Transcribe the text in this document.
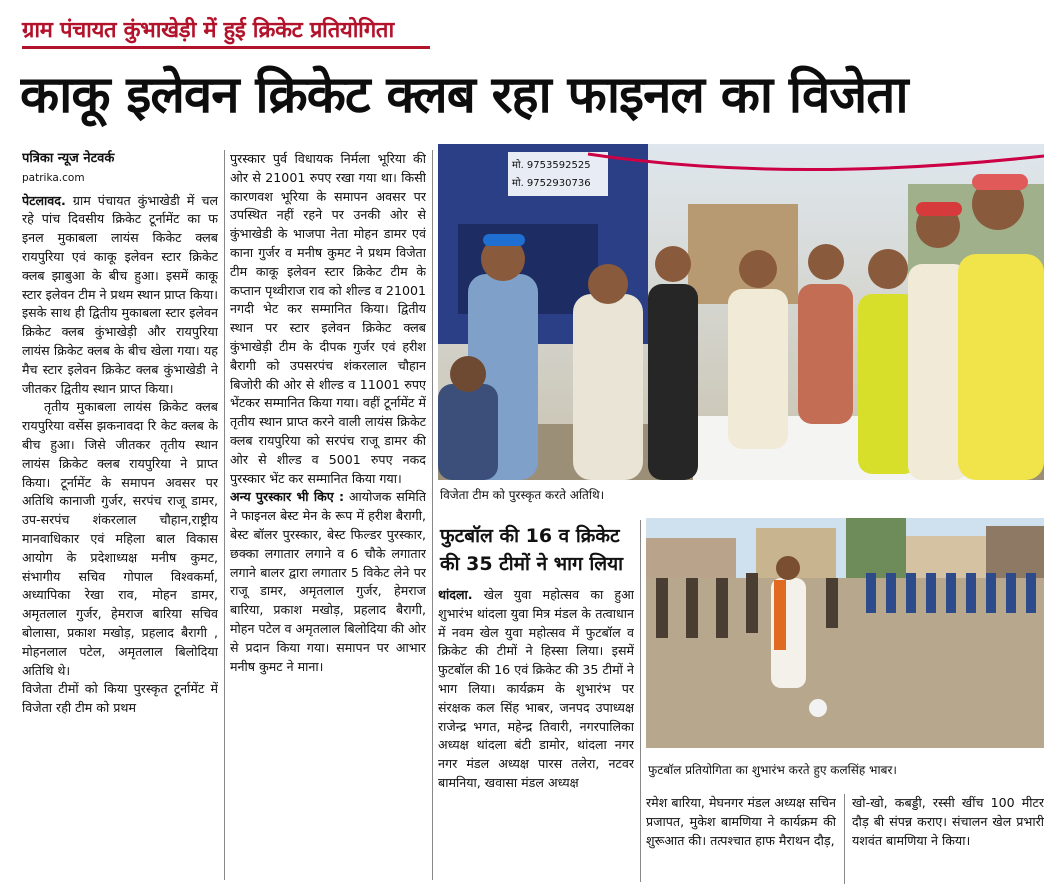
ग्राम पंचायत कुंभाखेड़ी में हुई क्रिकेट प्रतियोगिता
काकू इलेवन क्रिकेट क्लब रहा फाइनल का विजेता
पत्रिका न्यूज नेटवर्क
patrika.com

पेटलावद. ग्राम पंचायत कुंभाखेडी में चल रहे पांच दिवसीय क्रिकेट टूर्नामेंट का फ इनल मुकाबला लायंस किकेट क्लब रायपुरिया एवं काकू इलेवन स्टार क्रिकेट क्लब झाबुआ के बीच हुआ। इसमें काकू स्टार इलेवन टीम ने प्रथम स्थान प्राप्त किया। इसके साथ ही द्वितीय मुकाबला स्टार इलेवन क्रिकेट क्लब कुंभाखेड़ी और रायपुरिया लायंस क्रिकेट क्लब के बीच खेला गया। यह मैच स्टार इलेवन क्रिकेट क्लब कुंभाखेडी ने जीतकर द्वितीय स्थान प्राप्त किया।

तृतीय मुकाबला लायंस क्रिकेट क्लब रायपुरिया वर्सेस झकनावदा रि केट क्लब के बीच हुआ। जिसे जीतकर तृतीय स्थान लायंस क्रिकेट क्लब रायपुरिया ने प्राप्त किया। टूर्नामेंट के समापन अवसर पर अतिथि कानाजी गुर्जर, सरपंच राजू डामर, उप-सरपंच शंकरलाल चौहान,राष्ट्रीय मानवाधिकार एवं महिला बाल विकास आयोग के प्रदेशाध्यक्ष मनीष कुमट, संभागीय सचिव गोपाल विश्वकर्मा, अध्यापिका रेखा राव, मोहन डामर, अमृतलाल गुर्जर, हेमराज बारिया सचिव बोलासा, प्रकाश मखोड़, प्रहलाद बैरागी , मोहनलाल पटेल, अमृतलाल बिलोदिया अतिथि थे।

विजेता टीमों को किया पुरस्कृत टूर्नामेंट में विजेता रही टीम को प्रथम

पुरस्कार पुर्व विधायक निर्मला भूरिया की ओर से 21001 रुपए रखा गया था। किसी कारणवश भूरिया के समापन अवसर पर उपस्थित नहीं रहने पर उनकी ओर से कुंभाखेडी के भाजपा नेता मोहन डामर एवं काना गुर्जर व मनीष कुमट ने प्रथम विजेता टीम काकू इलेवन स्टार क्रिकेट टीम के कप्तान पृथ्वीराज राव को शील्ड व 21001 नगदी भेट कर सम्मानित किया। द्वितीय स्थान पर स्टार इलेवन क्रिकेट क्लब कुंभाखेड़ी टीम के दीपक गुर्जर एवं हरीश बैरागी को उपसरपंच शंकरलाल चौहान बिजोरी की ओर से शील्ड व 11001 रुपए भेंटकर सम्मानित किया गया। वहीं टूर्नामेंट में तृतीय स्थान प्राप्त करने वाली लायंस क्रिकेट क्लब रायपुरिया को सरपंच राजू डामर की ओर से शील्ड व 5001 रुपए नकद पुरस्कार भेंट कर सम्मानित किया गया।

अन्य पुरस्कार भी किए : आयोजक समिति ने फाइनल बेस्ट मेन के रूप में हरीश बैरागी, बेस्ट बॉलर पुरस्कार, बेस्ट फिल्डर पुरस्कार, छक्का लगातार लगाने व 6 चौके लगातार लगाने बालर द्वारा लगातार 5 विकेट लेने पर राजू डामर, अमृतलाल गुर्जर, हेमराज बारिया, प्रकाश मखोड़, प्रहलाद बैरागी, मोहन पटेल व अमृतलाल बिलोदिया की ओर से प्रदान किया गया। समापन पर आभार मनीष कुमट ने माना।

मो. 9753592525
मो. 9752930736
विजेता टीम को पुरस्कृत करते अतिथि।
फुटबॉल की 16 व क्रिकेट
की 35 टीमों ने भाग लिया

थांदला. खेल युवा महोत्सव का हुआ शुभारंभ थांदला युवा मित्र मंडल के तत्वाधान में नवम खेल युवा महोत्सव में फुटबॉल व क्रिकेट की टीमों ने हिस्सा लिया। इसमें फुटबॉल की 16 एवं क्रिकेट की 35 टीमों ने भाग लिया। कार्यक्रम के शुभारंभ पर संरक्षक कल सिंह भाबर, जनपद उपाध्यक्ष राजेन्द्र भगत, महेन्द्र तिवारी, नगरपालिका अध्यक्ष थांदला बंटी डामोर, थांदला नगर नगर मंडल अध्यक्ष पारस तलेरा, नटवर बामनिया, खवासा मंडल अध्यक्ष

फुटबॉल प्रतियोगिता का शुभारंभ करते हुए कलसिंह भाबर।

रमेश बारिया, मेघनगर मंडल अध्यक्ष सचिन प्रजापत, मुकेश बामणिया ने कार्यक्रम की शुरूआत की। तत्पश्चात हाफ मैराथन दौड़,

खो-खो, कबड्डी, रस्सी खींच 100 मीटर दौड़ बी संपन्न कराए। संचालन खेल प्रभारी यशवंत बामणिया ने किया।
